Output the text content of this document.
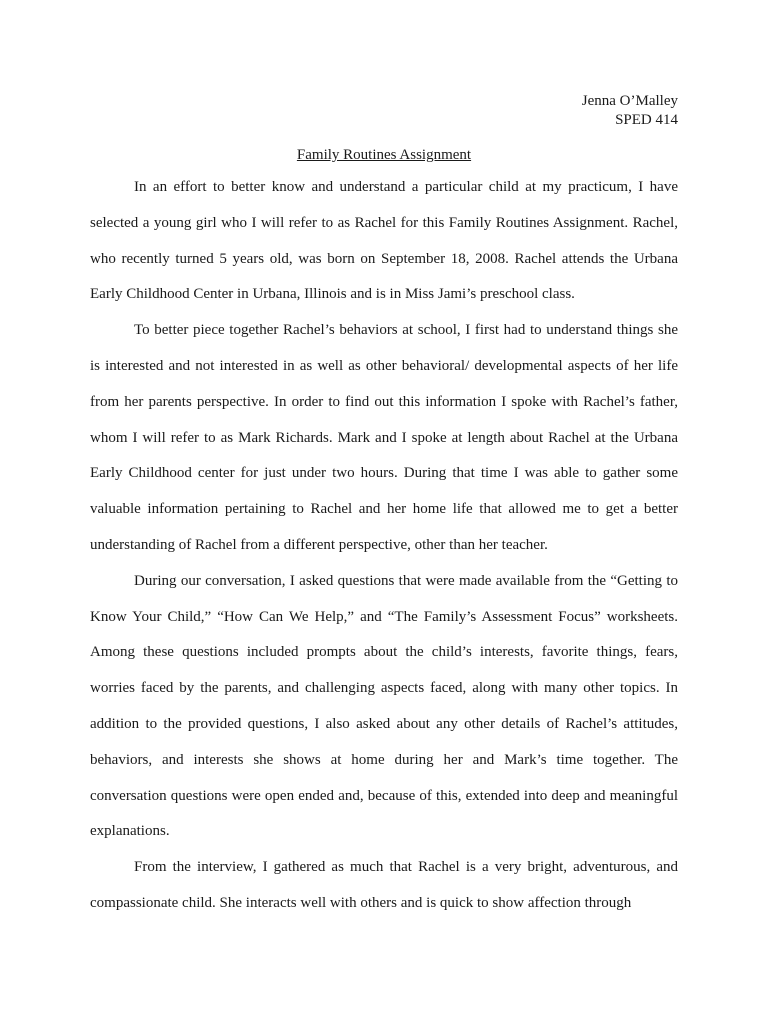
Jenna O’Malley
SPED 414
Family Routines Assignment

In an effort to better know and understand a particular child at my practicum, I have selected a young girl who I will refer to as Rachel for this Family Routines Assignment. Rachel, who recently turned 5 years old, was born on September 18, 2008. Rachel attends the Urbana Early Childhood Center in Urbana, Illinois and is in Miss Jami’s preschool class.

To better piece together Rachel’s behaviors at school, I first had to understand things she is interested and not interested in as well as other behavioral/ developmental aspects of her life from her parents perspective. In order to find out this information I spoke with Rachel’s father, whom I will refer to as Mark Richards. Mark and I spoke at length about Rachel at the Urbana Early Childhood center for just under two hours. During that time I was able to gather some valuable information pertaining to Rachel and her home life that allowed me to get a better understanding of Rachel from a different perspective, other than her teacher.

During our conversation, I asked questions that were made available from the “Getting to Know Your Child,” “How Can We Help,” and “The Family’s Assessment Focus” worksheets. Among these questions included prompts about the child’s interests, favorite things, fears, worries faced by the parents, and challenging aspects faced, along with many other topics. In addition to the provided questions, I also asked about any other details of Rachel’s attitudes, behaviors, and interests she shows at home during her and Mark’s time together. The conversation questions were open ended and, because of this, extended into deep and meaningful explanations.

From the interview, I gathered as much that Rachel is a very bright, adventurous, and compassionate child. She interacts well with others and is quick to show affection through
